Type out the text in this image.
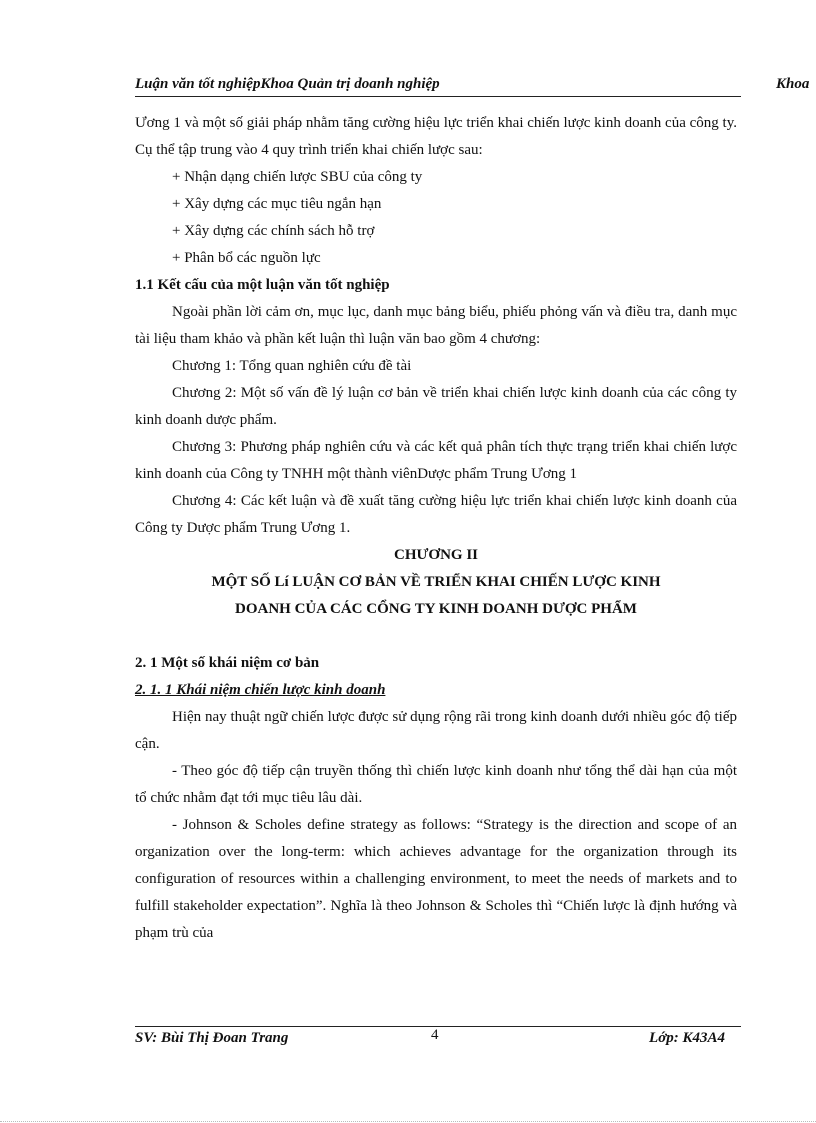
Luận văn tốt nghiệpKhoa Quản trị doanh nghiệp	Khoa

Ương 1 và một số giải pháp nhằm tăng cường hiệu lực triển khai chiến lược kinh doanh của công ty. Cụ thể tập trung vào 4 quy trình triển khai chiến lược sau:

+ Nhận dạng chiến lược SBU của công ty

+ Xây dựng các mục tiêu ngắn hạn

+ Xây dựng các chính sách hỗ trợ

+ Phân bổ các nguồn lực

1.1 Kết cấu của một luận văn tốt nghiệp

Ngoài phần lời cảm ơn, mục lục, danh mục bảng biểu, phiếu phỏng vấn và điều tra, danh mục tài liệu tham khảo và phần kết luận thì luận văn bao gồm 4 chương:

Chương 1: Tổng quan nghiên cứu đề tài

Chương 2: Một số vấn đề lý luận cơ bản về triển khai chiến lược kinh doanh của các công ty kinh doanh dược phẩm.

Chương 3: Phương pháp nghiên cứu và các kết quả phân tích thực trạng triển khai chiến lược kinh doanh của Công ty TNHH một thành viênDược phẩm Trung Ương 1

Chương 4: Các kết luận và đề xuất tăng cường hiệu lực triển khai chiến lược kinh doanh của Công ty Dược phẩm Trung Ương 1.

CHƯƠNG II

MỘT SỐ Lí LUẬN CƠ BẢN VỀ TRIỂN KHAI CHIẾN LƯỢC KINH

DOANH CỦA CÁC CỔNG TY KINH DOANH DƯỢC PHẨM

2. 1 Một số khái niệm cơ bản

2. 1. 1 Khái niệm chiến lược kinh doanh

Hiện nay thuật ngữ chiến lược được sử dụng rộng rãi trong kinh doanh dưới nhiều góc độ tiếp cận.

- Theo góc độ tiếp cận truyền thống thì chiến lược kinh doanh như tổng thể dài hạn của một tổ chức nhằm đạt tới mục tiêu lâu dài.

- Johnson & Scholes define strategy as follows: “Strategy is the direction and scope of an organization over the long-term: which achieves advantage for the organization through its configuration of resources within a challenging environment, to meet the needs of markets and to fulfill stakeholder expectation”. Nghĩa là theo Johnson & Scholes thì “Chiến lược là định hướng và phạm trù của

SV: Bùi Thị Đoan Trang	4	Lớp: K43A4
